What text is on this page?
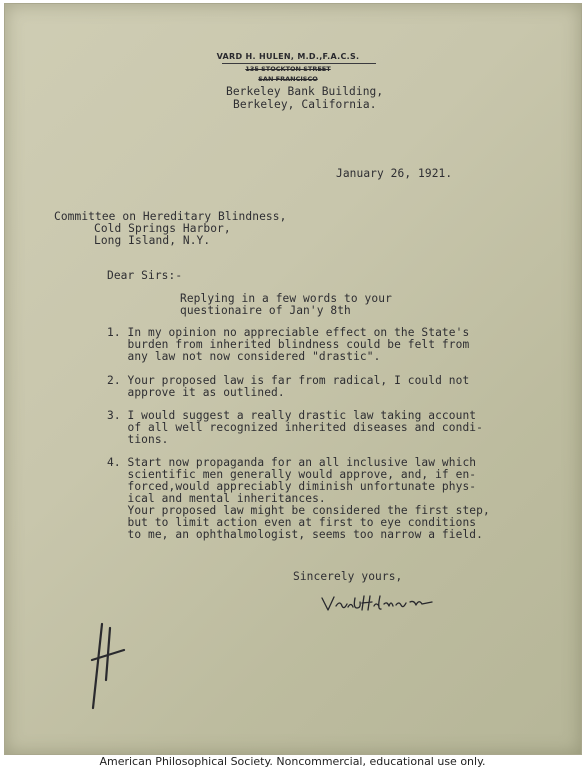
VARD H. HULEN, M.D.,F.A.C.S.
135 STOCKTON STREET
SAN FRANCISCO
Berkeley Bank Building,
Berkeley, California.
January 26, 1921.
Committee on Hereditary Blindness,
Cold Springs Harbor,
Long Island, N.Y.
Dear Sirs:-
Replying in a few words to your
questionaire of Jan'y 8th
1. In my opinion no appreciable effect on the State's
burden from inherited blindness could be felt from
any law not now considered "drastic".
2. Your proposed law is far from radical, I could not
approve it as outlined.
3. I would suggest a really drastic law taking account
of all well recognized inherited diseases and condi-
tions.
4. Start now propaganda for an all inclusive law which
scientific men generally would approve, and, if en-
forced,would appreciably diminish unfortunate phys-
ical and mental inheritances.
Your proposed law might be considered the first step,
but to limit action even at first to eye conditions
to me, an ophthalmologist, seems too narrow a field.
Sincerely yours,
American Philosophical Society. Noncommercial, educational use only.
